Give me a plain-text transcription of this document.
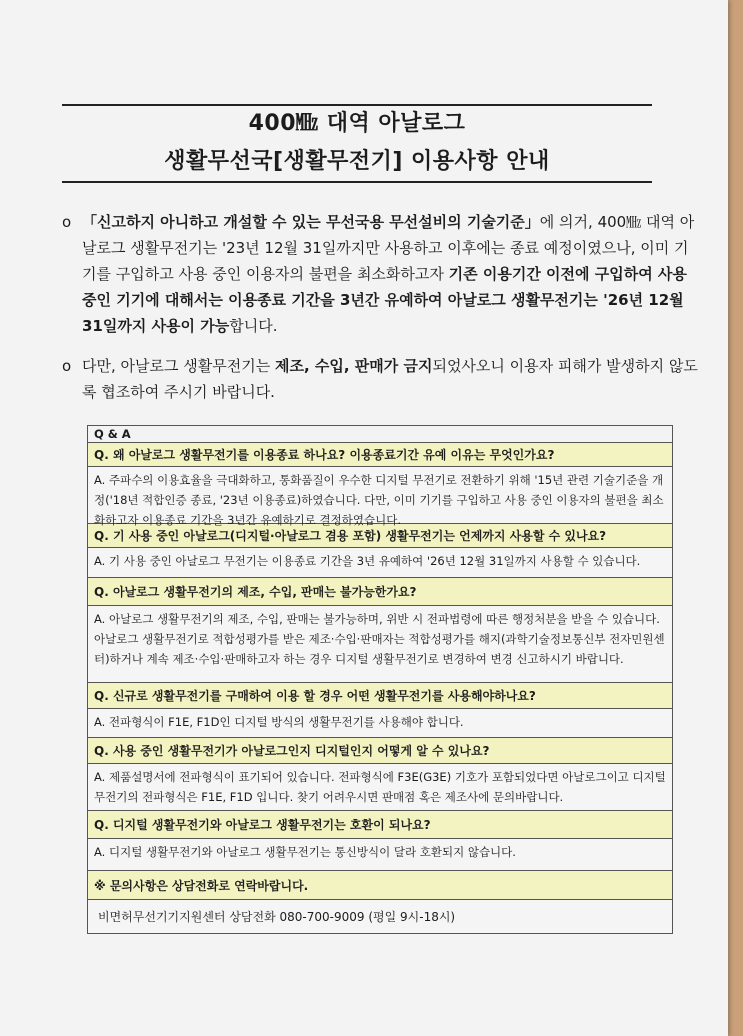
400㎒ 대역 아날로그
생활무선국[생활무전기] 이용사항 안내
ο 「신고하지 아니하고 개설할 수 있는 무선국용 무선설비의 기술기준」에 의거, 400㎒ 대역 아날로그 생활무전기는 '23년 12월 31일까지만 사용하고 이후에는 종료 예정이였으나, 이미 기기를 구입하고 사용 중인 이용자의 불편을 최소화하고자 기존 이용기간 이전에 구입하여 사용 중인 기기에 대해서는 이용종료 기간을 3년간 유예하여 아날로그 생활무전기는 '26년 12월 31일까지 사용이 가능합니다.
ο 다만, 아날로그 생활무전기는 제조, 수입, 판매가 금지되었사오니 이용자 피해가 발생하지 않도록 협조하여 주시기 바랍니다.
Q & A
Q. 왜 아날로그 생활무전기를 이용종료 하나요? 이용종료기간 유예 이유는 무엇인가요?
A. 주파수의 이용효율을 극대화하고, 통화품질이 우수한 디지털 무전기로 전환하기 위해 '15년 관련 기술기준을 개정('18년 적합인증 종료, '23년 이용종료)하였습니다. 다만, 이미 기기를 구입하고 사용 중인 이용자의 불편을 최소화하고자 이용종료 기간을 3년간 유예하기로 결정하였습니다.
Q. 기 사용 중인 아날로그(디지털·아날로그 겸용 포함) 생활무전기는 언제까지 사용할 수 있나요?
A. 기 사용 중인 아날로그 무전기는 이용종료 기간을 3년 유예하여 '26년 12월 31일까지 사용할 수 있습니다.
Q. 아날로그 생활무전기의 제조, 수입, 판매는 불가능한가요?
A. 아날로그 생활무전기의 제조, 수입, 판매는 불가능하며, 위반 시 전파법령에 따른 행정처분을 받을 수 있습니다. 아날로그 생활무전기로 적합성평가를 받은 제조·수입·판매자는 적합성평가를 해지(과학기술정보통신부 전자민원센터)하거나 계속 제조·수입·판매하고자 하는 경우 디지털 생활무전기로 변경하여 변경 신고하시기 바랍니다.
Q. 신규로 생활무전기를 구매하여 이용 할 경우 어떤 생활무전기를 사용해야하나요?
A. 전파형식이 F1E, F1D인 디지털 방식의 생활무전기를 사용해야 합니다.
Q. 사용 중인 생활무전기가 아날로그인지 디지털인지 어떻게 알 수 있나요?
A. 제품설명서에 전파형식이 표기되어 있습니다. 전파형식에 F3E(G3E) 기호가 포함되었다면 아날로그이고 디지털 무전기의 전파형식은 F1E, F1D 입니다. 찾기 어려우시면 판매점 혹은 제조사에 문의바랍니다.
Q. 디지털 생활무전기와 아날로그 생활무전기는 호환이 되나요?
A. 디지털 생활무전기와 아날로그 생활무전기는 통신방식이 달라 호환되지 않습니다.
※ 문의사항은 상담전화로 연락바랍니다.
비면허무선기기지원센터 상담전화 080-700-9009 (평일 9시-18시)
